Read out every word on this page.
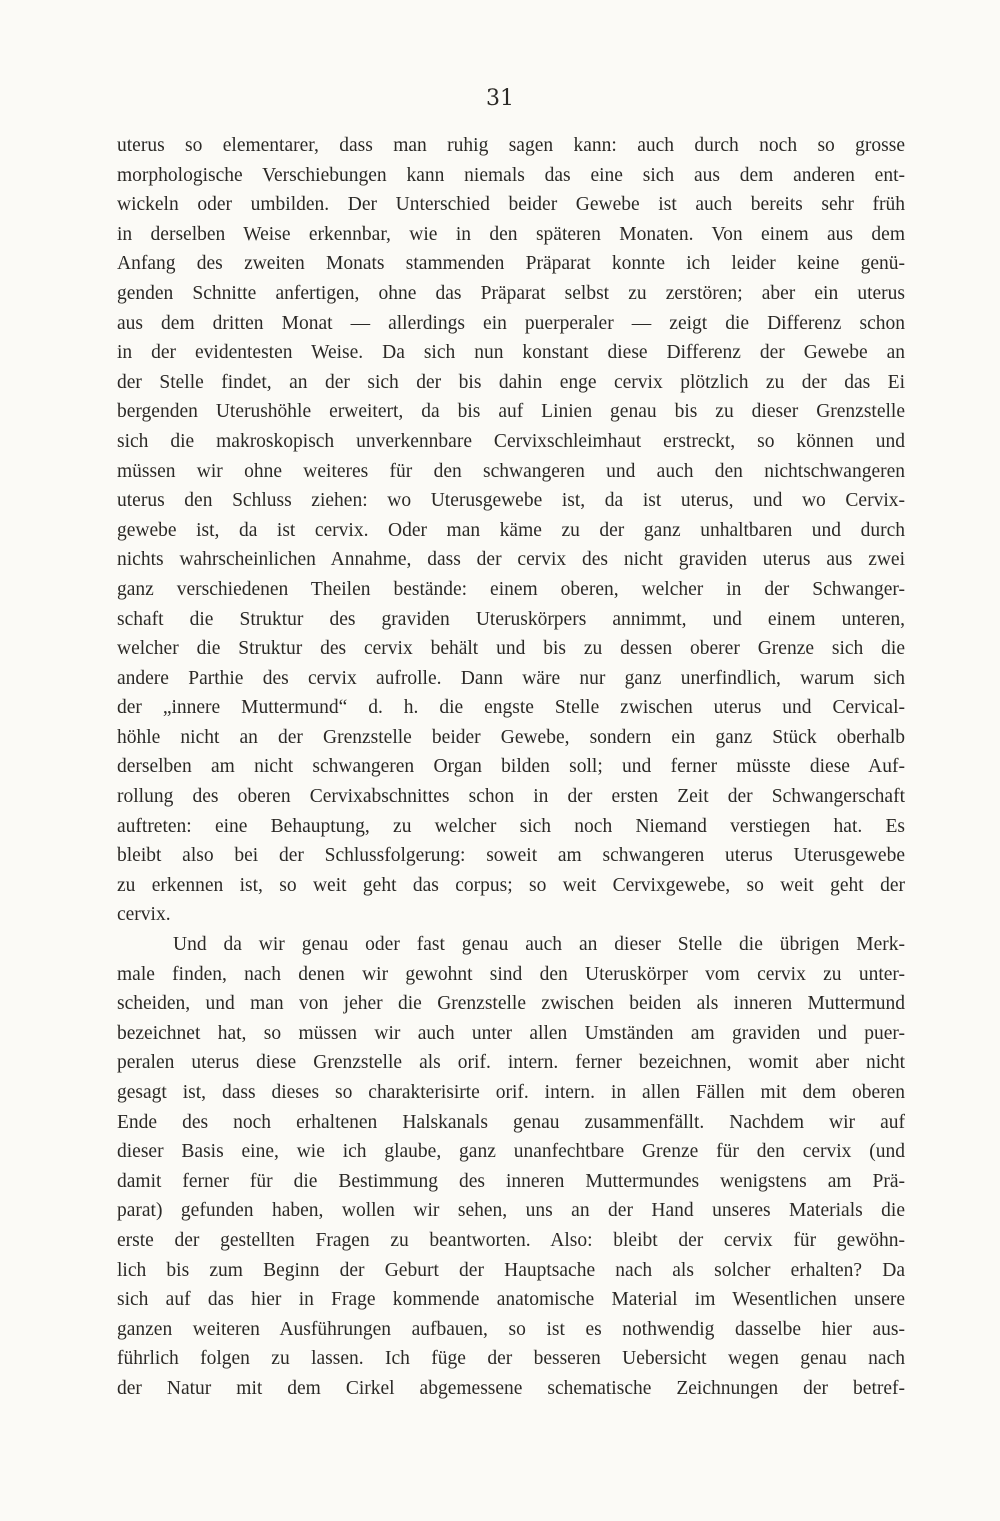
31
uterus so elementarer, dass man ruhig sagen kann: auch durch noch so grosse
morphologische Verschiebungen kann niemals das eine sich aus dem anderen ent-
wickeln oder umbilden. Der Unterschied beider Gewebe ist auch bereits sehr früh
in derselben Weise erkennbar, wie in den späteren Monaten. Von einem aus dem
Anfang des zweiten Monats stammenden Präparat konnte ich leider keine genü-
genden Schnitte anfertigen, ohne das Präparat selbst zu zerstören; aber ein uterus
aus dem dritten Monat — allerdings ein puerperaler — zeigt die Differenz schon
in der evidentesten Weise. Da sich nun konstant diese Differenz der Gewebe an
der Stelle findet, an der sich der bis dahin enge cervix plötzlich zu der das Ei
bergenden Uterushöhle erweitert, da bis auf Linien genau bis zu dieser Grenzstelle
sich die makroskopisch unverkennbare Cervixschleimhaut erstreckt, so können und
müssen wir ohne weiteres für den schwangeren und auch den nichtschwangeren
uterus den Schluss ziehen: wo Uterusgewebe ist, da ist uterus, und wo Cervix-
gewebe ist, da ist cervix. Oder man käme zu der ganz unhaltbaren und durch
nichts wahrscheinlichen Annahme, dass der cervix des nicht graviden uterus aus zwei
ganz verschiedenen Theilen bestände: einem oberen, welcher in der Schwanger-
schaft die Struktur des graviden Uteruskörpers annimmt, und einem unteren,
welcher die Struktur des cervix behält und bis zu dessen oberer Grenze sich die
andere Parthie des cervix aufrolle. Dann wäre nur ganz unerfindlich, warum sich
der „innere Muttermund“ d. h. die engste Stelle zwischen uterus und Cervical-
höhle nicht an der Grenzstelle beider Gewebe, sondern ein ganz Stück oberhalb
derselben am nicht schwangeren Organ bilden soll; und ferner müsste diese Auf-
rollung des oberen Cervixabschnittes schon in der ersten Zeit der Schwangerschaft
auftreten: eine Behauptung, zu welcher sich noch Niemand verstiegen hat. Es
bleibt also bei der Schlussfolgerung: soweit am schwangeren uterus Uterusgewebe
zu erkennen ist, so weit geht das corpus; so weit Cervixgewebe, so weit geht der
cervix.
Und da wir genau oder fast genau auch an dieser Stelle die übrigen Merk-
male finden, nach denen wir gewohnt sind den Uteruskörper vom cervix zu unter-
scheiden, und man von jeher die Grenzstelle zwischen beiden als inneren Muttermund
bezeichnet hat, so müssen wir auch unter allen Umständen am graviden und puer-
peralen uterus diese Grenzstelle als orif. intern. ferner bezeichnen, womit aber nicht
gesagt ist, dass dieses so charakterisirte orif. intern. in allen Fällen mit dem oberen
Ende des noch erhaltenen Halskanals genau zusammenfällt. Nachdem wir auf
dieser Basis eine, wie ich glaube, ganz unanfechtbare Grenze für den cervix (und
damit ferner für die Bestimmung des inneren Muttermundes wenigstens am Prä-
parat) gefunden haben, wollen wir sehen, uns an der Hand unseres Materials die
erste der gestellten Fragen zu beantworten. Also: bleibt der cervix für gewöhn-
lich bis zum Beginn der Geburt der Hauptsache nach als solcher erhalten? Da
sich auf das hier in Frage kommende anatomische Material im Wesentlichen unsere
ganzen weiteren Ausführungen aufbauen, so ist es nothwendig dasselbe hier aus-
führlich folgen zu lassen. Ich füge der besseren Uebersicht wegen genau nach
der Natur mit dem Cirkel abgemessene schematische Zeichnungen der betref-
